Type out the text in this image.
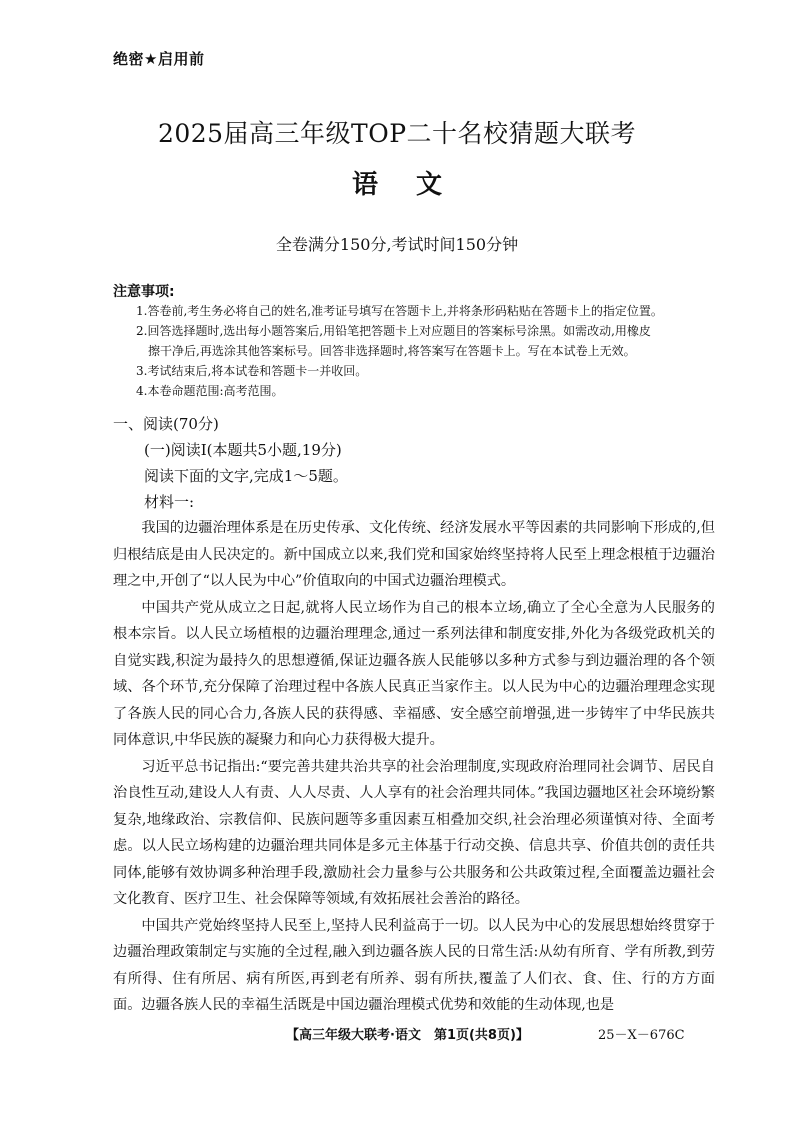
绝密★启用前
2025届高三年级TOP二十名校猜题大联考
语文
全卷满分150分,考试时间150分钟
注意事项:
1.答卷前,考生务必将自己的姓名,准考证号填写在答题卡上,并将条形码粘贴在答题卡上的指定位置。
2.回答选择题时,选出每小题答案后,用铅笔把答题卡上对应题目的答案标号涂黑。如需改动,用橡皮
擦干净后,再选涂其他答案标号。回答非选择题时,将答案写在答题卡上。写在本试卷上无效。
3.考试结束后,将本试卷和答题卡一并收回。
4.本卷命题范围:高考范围。
一、阅读(70分)
(一)阅读Ⅰ(本题共5小题,19分)
阅读下面的文字,完成1～5题。
材料一:

我国的边疆治理体系是在历史传承、文化传统、经济发展水平等因素的共同影响下形成的,但归根结底是由人民决定的。新中国成立以来,我们党和国家始终坚持将人民至上理念根植于边疆治理之中,开创了“以人民为中心”价值取向的中国式边疆治理模式。

中国共产党从成立之日起,就将人民立场作为自己的根本立场,确立了全心全意为人民服务的根本宗旨。以人民立场植根的边疆治理理念,通过一系列法律和制度安排,外化为各级党政机关的自觉实践,积淀为最持久的思想遵循,保证边疆各族人民能够以多种方式参与到边疆治理的各个领域、各个环节,充分保障了治理过程中各族人民真正当家作主。以人民为中心的边疆治理理念实现了各族人民的同心合力,各族人民的获得感、幸福感、安全感空前增强,进一步铸牢了中华民族共同体意识,中华民族的凝聚力和向心力获得极大提升。

习近平总书记指出:“要完善共建共治共享的社会治理制度,实现政府治理同社会调节、居民自治良性互动,建设人人有责、人人尽责、人人享有的社会治理共同体。”我国边疆地区社会环境纷繁复杂,地缘政治、宗教信仰、民族问题等多重因素互相叠加交织,社会治理必须谨慎对待、全面考虑。以人民立场构建的边疆治理共同体是多元主体基于行动交换、信息共享、价值共创的责任共同体,能够有效协调多种治理手段,激励社会力量参与公共服务和公共政策过程,全面覆盖边疆社会文化教育、医疗卫生、社会保障等领域,有效拓展社会善治的路径。

中国共产党始终坚持人民至上,坚持人民利益高于一切。以人民为中心的发展思想始终贯穿于边疆治理政策制定与实施的全过程,融入到边疆各族人民的日常生活:从幼有所育、学有所教,到劳有所得、住有所居、病有所医,再到老有所养、弱有所扶,覆盖了人们衣、食、住、行的方方面面。边疆各族人民的幸福生活既是中国边疆治理模式优势和效能的生动体现,也是

【高三年级大联考·语文　第1页(共8页)】	25－X－676C
